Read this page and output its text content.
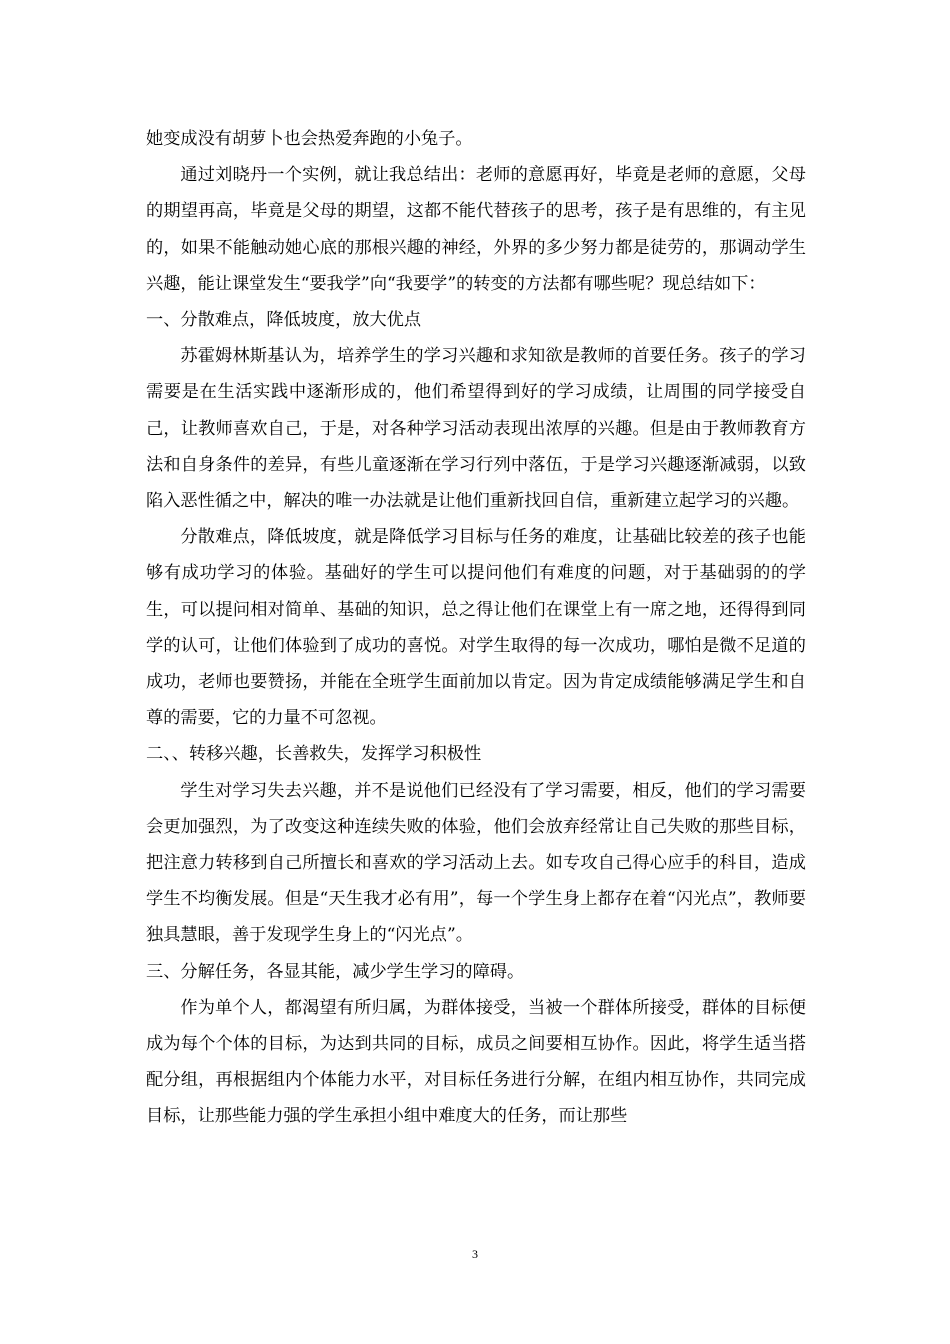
她变成没有胡萝卜也会热爱奔跑的小兔子。

通过刘晓丹一个实例，就让我总结出：老师的意愿再好，毕竟是老师的意愿，父母的期望再高，毕竟是父母的期望，这都不能代替孩子的思考，孩子是有思维的，有主见的，如果不能触动她心底的那根兴趣的神经，外界的多少努力都是徒劳的，那调动学生兴趣，能让课堂发生“要我学”向“我要学”的转变的方法都有哪些呢？现总结如下：

一、分散难点，降低坡度，放大优点

苏霍姆林斯基认为，培养学生的学习兴趣和求知欲是教师的首要任务。孩子的学习需要是在生活实践中逐渐形成的，他们希望得到好的学习成绩，让周围的同学接受自己，让教师喜欢自己，于是，对各种学习活动表现出浓厚的兴趣。但是由于教师教育方法和自身条件的差异，有些儿童逐渐在学习行列中落伍，于是学习兴趣逐渐减弱，以致陷入恶性循之中，解决的唯一办法就是让他们重新找回自信，重新建立起学习的兴趣。

分散难点，降低坡度，就是降低学习目标与任务的难度，让基础比较差的孩子也能够有成功学习的体验。基础好的学生可以提问他们有难度的问题，对于基础弱的的学生，可以提问相对简单、基础的知识，总之得让他们在课堂上有一席之地，还得得到同学的认可，让他们体验到了成功的喜悦。对学生取得的每一次成功，哪怕是微不足道的成功，老师也要赞扬，并能在全班学生面前加以肯定。因为肯定成绩能够满足学生和自尊的需要，它的力量不可忽视。

二、、转移兴趣，长善救失，发挥学习积极性

学生对学习失去兴趣，并不是说他们已经没有了学习需要，相反，他们的学习需要会更加强烈，为了改变这种连续失败的体验，他们会放弃经常让自己失败的那些目标，把注意力转移到自己所擅长和喜欢的学习活动上去。如专攻自己得心应手的科目，造成学生不均衡发展。但是“天生我才必有用”，每一个学生身上都存在着“闪光点”，教师要独具慧眼，善于发现学生身上的“闪光点”。

三、分解任务，各显其能，减少学生学习的障碍。

作为单个人，都渴望有所归属，为群体接受，当被一个群体所接受，群体的目标便成为每个个体的目标，为达到共同的目标，成员之间要相互协作。因此，将学生适当搭配分组，再根据组内个体能力水平，对目标任务进行分解，在组内相互协作，共同完成目标，让那些能力强的学生承担小组中难度大的任务，而让那些

3
